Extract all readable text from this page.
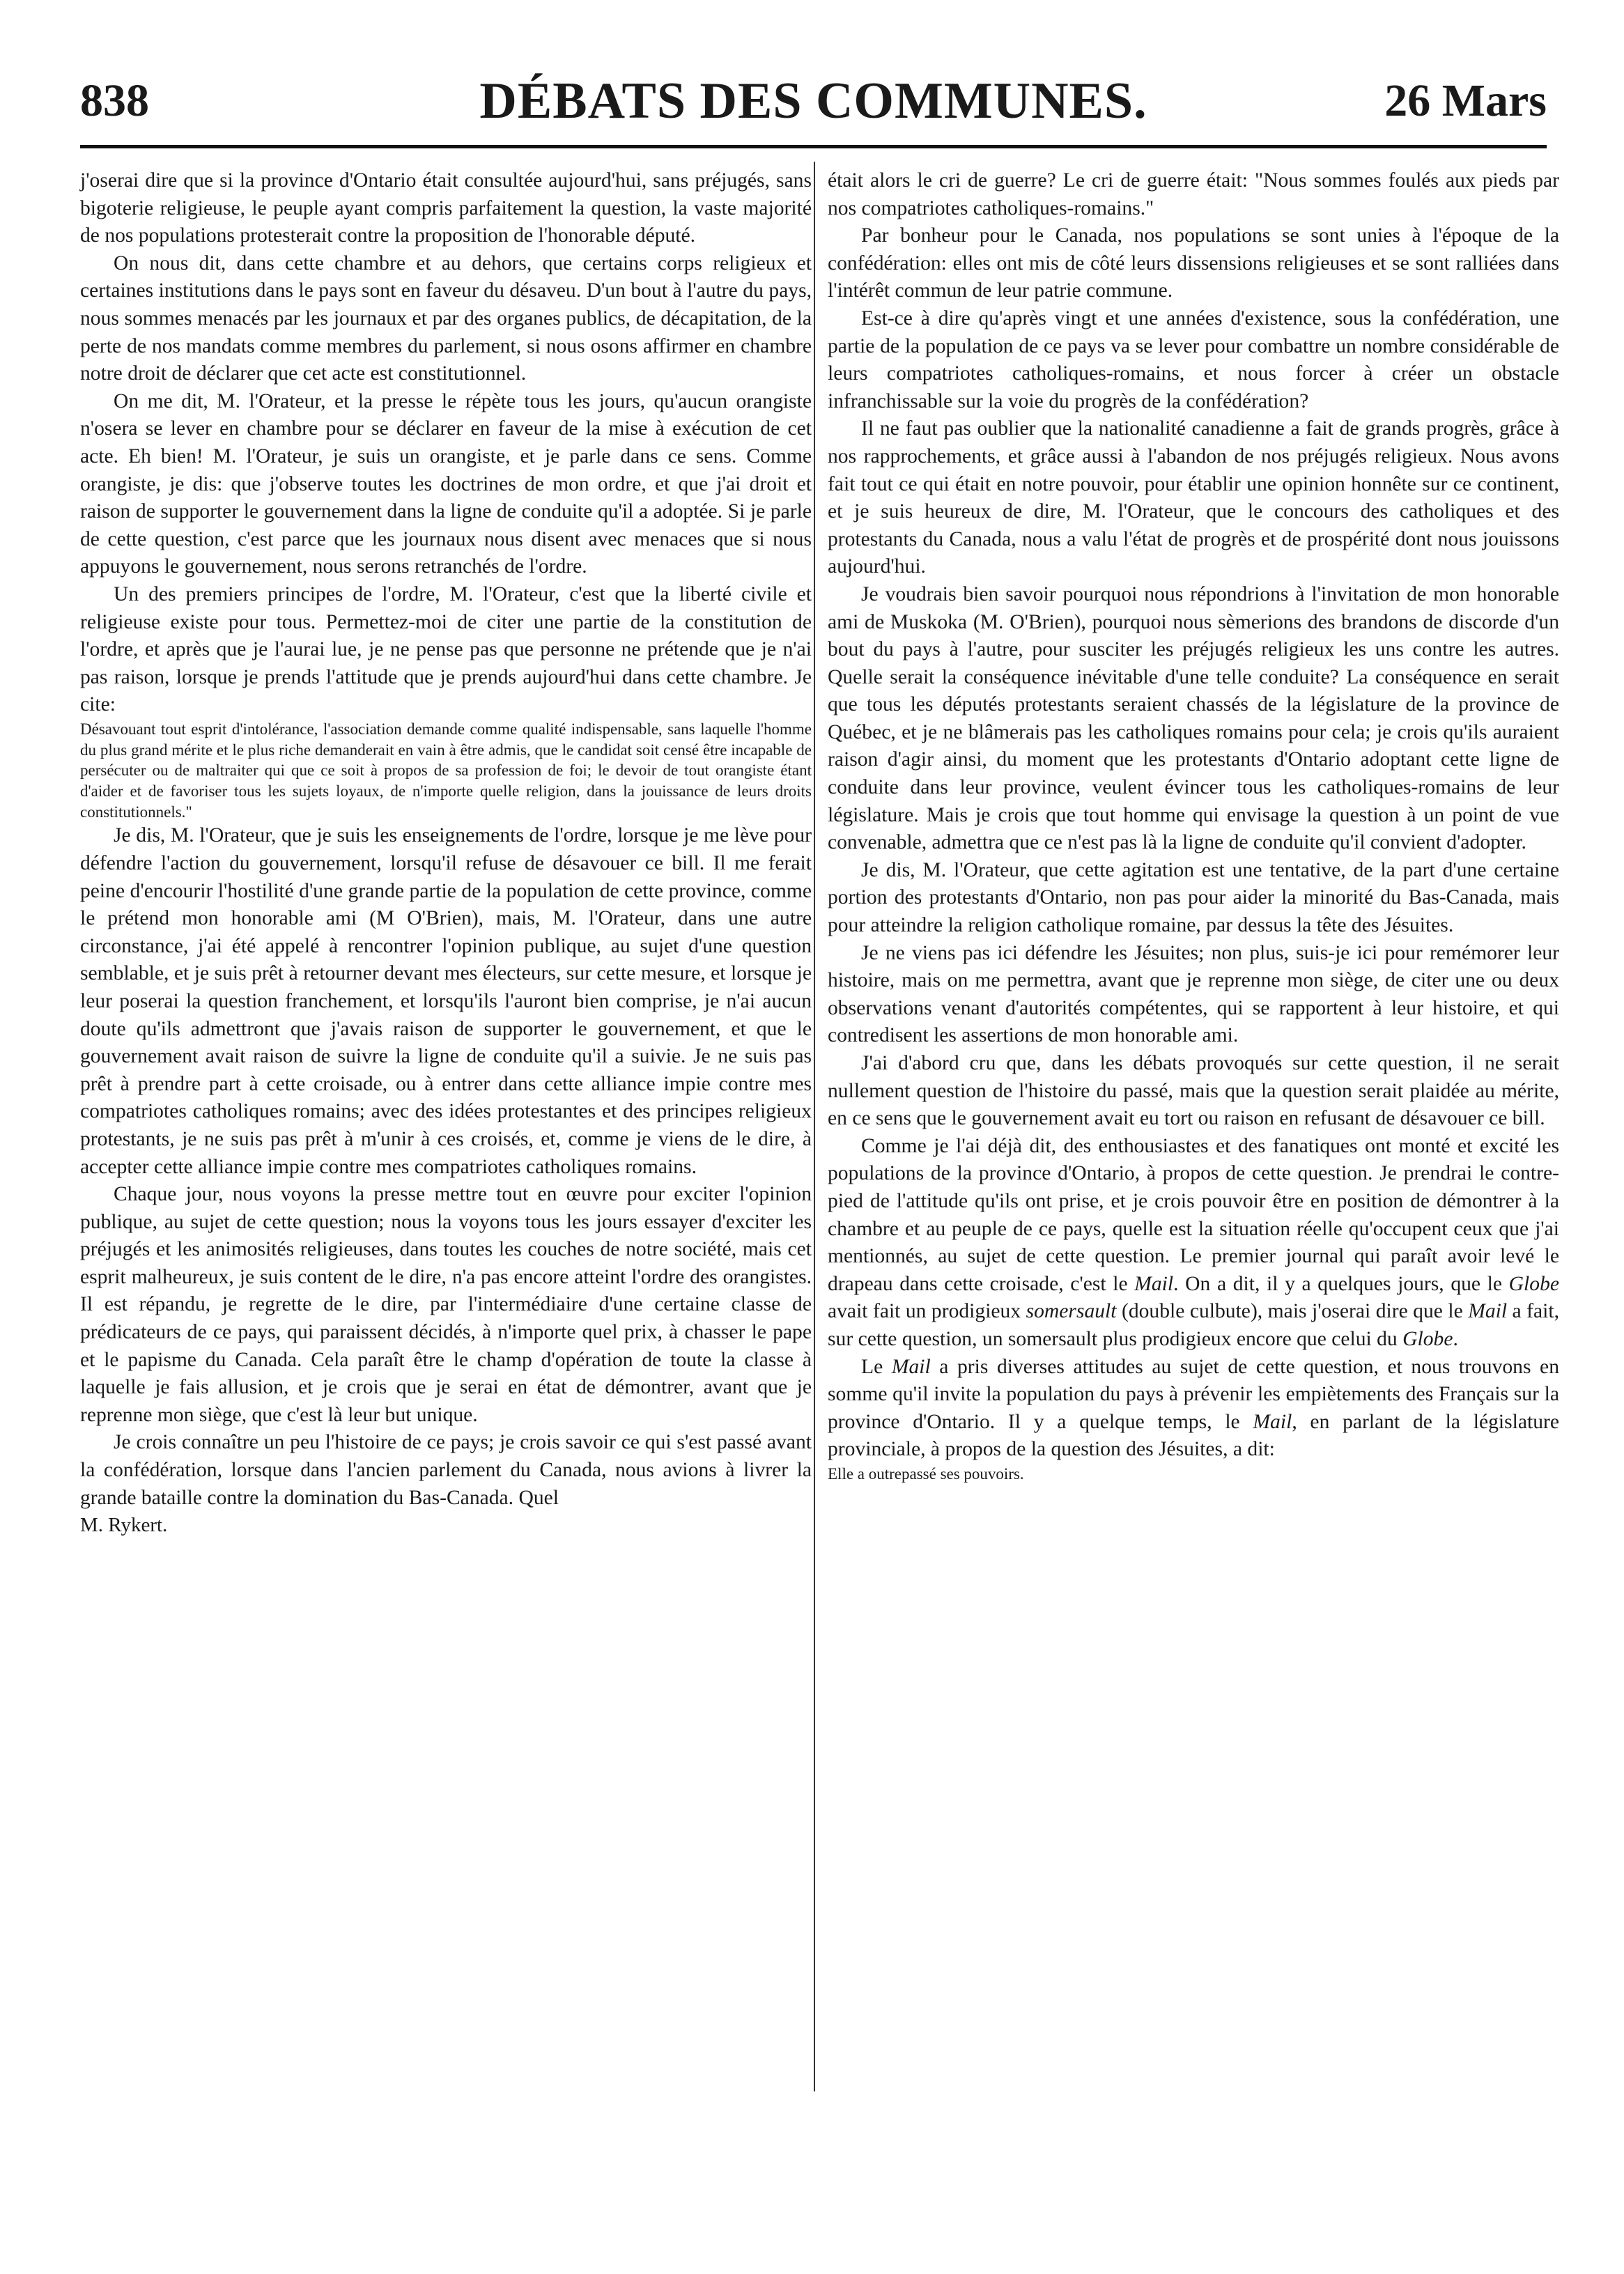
838	DÉBATS DES COMMUNES.	26 Mars

j'oserai dire que si la province d'Ontario était consultée aujourd'hui, sans préjugés, sans bigoterie religieuse, le peuple ayant compris parfaitement la question, la vaste majorité de nos populations protesterait contre la proposition de l'honorable député.

On nous dit, dans cette chambre et au dehors, que certains corps religieux et certaines institutions dans le pays sont en faveur du désaveu. D'un bout à l'autre du pays, nous sommes menacés par les journaux et par des organes publics, de décapitation, de la perte de nos mandats comme membres du parlement, si nous osons affirmer en chambre notre droit de déclarer que cet acte est constitutionnel.

On me dit, M. l'Orateur, et la presse le répète tous les jours, qu'aucun orangiste n'osera se lever en chambre pour se déclarer en faveur de la mise à exécution de cet acte. Eh bien! M. l'Orateur, je suis un orangiste, et je parle dans ce sens. Comme orangiste, je dis: que j'observe toutes les doctrines de mon ordre, et que j'ai droit et raison de supporter le gouvernement dans la ligne de conduite qu'il a adoptée. Si je parle de cette question, c'est parce que les journaux nous disent avec menaces que si nous appuyons le gouvernement, nous serons retranchés de l'ordre.

Un des premiers principes de l'ordre, M. l'Orateur, c'est que la liberté civile et religieuse existe pour tous. Permettez-moi de citer une partie de la constitution de l'ordre, et après que je l'aurai lue, je ne pense pas que personne ne prétende que je n'ai pas raison, lorsque je prends l'attitude que je prends aujourd'hui dans cette chambre. Je cite:

Désavouant tout esprit d'intolérance, l'association demande comme qualité indispensable, sans laquelle l'homme du plus grand mérite et le plus riche demanderait en vain à être admis, que le candidat soit censé être incapable de persécuter ou de maltraiter qui que ce soit à propos de sa profession de foi; le devoir de tout orangiste étant d'aider et de favoriser tous les sujets loyaux, de n'importe quelle religion, dans la jouissance de leurs droits constitutionnels."

Je dis, M. l'Orateur, que je suis les enseignements de l'ordre, lorsque je me lève pour défendre l'action du gouvernement, lorsqu'il refuse de désavouer ce bill. Il me ferait peine d'encourir l'hostilité d'une grande partie de la population de cette province, comme le prétend mon honorable ami (M O'Brien), mais, M. l'Orateur, dans une autre circonstance, j'ai été appelé à rencontrer l'opinion publique, au sujet d'une question semblable, et je suis prêt à retourner devant mes électeurs, sur cette mesure, et lorsque je leur poserai la question franchement, et lorsqu'ils l'auront bien comprise, je n'ai aucun doute qu'ils admettront que j'avais raison de supporter le gouvernement, et que le gouvernement avait raison de suivre la ligne de conduite qu'il a suivie. Je ne suis pas prêt à prendre part à cette croisade, ou à entrer dans cette alliance impie contre mes compatriotes catholiques romains; avec des idées protestantes et des principes religieux protestants, je ne suis pas prêt à m'unir à ces croisés, et, comme je viens de le dire, à accepter cette alliance impie contre mes compatriotes catholiques romains.

Chaque jour, nous voyons la presse mettre tout en œuvre pour exciter l'opinion publique, au sujet de cette question; nous la voyons tous les jours essayer d'exciter les préjugés et les animosités religieuses, dans toutes les couches de notre société, mais cet esprit malheureux, je suis content de le dire, n'a pas encore atteint l'ordre des orangistes. Il est répandu, je regrette de le dire, par l'intermédiaire d'une certaine classe de prédicateurs de ce pays, qui paraissent décidés, à n'importe quel prix, à chasser le pape et le papisme du Canada. Cela paraît être le champ d'opération de toute la classe à laquelle je fais allusion, et je crois que je serai en état de démontrer, avant que je reprenne mon siège, que c'est là leur but unique.

Je crois connaître un peu l'histoire de ce pays; je crois savoir ce qui s'est passé avant la confédération, lorsque dans l'ancien parlement du Canada, nous avions à livrer la grande bataille contre la domination du Bas-Canada. Quel

M. Rykert.

était alors le cri de guerre? Le cri de guerre était: "Nous sommes foulés aux pieds par nos compatriotes catholiques-romains."

Par bonheur pour le Canada, nos populations se sont unies à l'époque de la confédération: elles ont mis de côté leurs dissensions religieuses et se sont ralliées dans l'intérêt commun de leur patrie commune.

Est-ce à dire qu'après vingt et une années d'existence, sous la confédération, une partie de la population de ce pays va se lever pour combattre un nombre considérable de leurs compatriotes catholiques-romains, et nous forcer à créer un obstacle infranchissable sur la voie du progrès de la confédération?

Il ne faut pas oublier que la nationalité canadienne a fait de grands progrès, grâce à nos rapprochements, et grâce aussi à l'abandon de nos préjugés religieux. Nous avons fait tout ce qui était en notre pouvoir, pour établir une opinion honnête sur ce continent, et je suis heureux de dire, M. l'Orateur, que le concours des catholiques et des protestants du Canada, nous a valu l'état de progrès et de prospérité dont nous jouissons aujourd'hui.

Je voudrais bien savoir pourquoi nous répondrions à l'invitation de mon honorable ami de Muskoka (M. O'Brien), pourquoi nous sèmerions des brandons de discorde d'un bout du pays à l'autre, pour susciter les préjugés religieux les uns contre les autres. Quelle serait la conséquence inévitable d'une telle conduite? La conséquence en serait que tous les députés protestants seraient chassés de la législature de la province de Québec, et je ne blâmerais pas les catholiques romains pour cela; je crois qu'ils auraient raison d'agir ainsi, du moment que les protestants d'Ontario adoptant cette ligne de conduite dans leur province, veulent évincer tous les catholiques-romains de leur législature. Mais je crois que tout homme qui envisage la question à un point de vue convenable, admettra que ce n'est pas là la ligne de conduite qu'il convient d'adopter.

Je dis, M. l'Orateur, que cette agitation est une tentative, de la part d'une certaine portion des protestants d'Ontario, non pas pour aider la minorité du Bas-Canada, mais pour atteindre la religion catholique romaine, par dessus la tête des Jésuites.

Je ne viens pas ici défendre les Jésuites; non plus, suis-je ici pour remémorer leur histoire, mais on me permettra, avant que je reprenne mon siège, de citer une ou deux observations venant d'autorités compétentes, qui se rapportent à leur histoire, et qui contredisent les assertions de mon honorable ami.

J'ai d'abord cru que, dans les débats provoqués sur cette question, il ne serait nullement question de l'histoire du passé, mais que la question serait plaidée au mérite, en ce sens que le gouvernement avait eu tort ou raison en refusant de désavouer ce bill.

Comme je l'ai déjà dit, des enthousiastes et des fanatiques ont monté et excité les populations de la province d'Ontario, à propos de cette question. Je prendrai le contre-pied de l'attitude qu'ils ont prise, et je crois pouvoir être en position de démontrer à la chambre et au peuple de ce pays, quelle est la situation réelle qu'occupent ceux que j'ai mentionnés, au sujet de cette question. Le premier journal qui paraît avoir levé le drapeau dans cette croisade, c'est le Mail. On a dit, il y a quelques jours, que le Globe avait fait un prodigieux somersault (double culbute), mais j'oserai dire que le Mail a fait, sur cette question, un somersault plus prodigieux encore que celui du Globe.

Le Mail a pris diverses attitudes au sujet de cette question, et nous trouvons en somme qu'il invite la population du pays à prévenir les empiètements des Français sur la province d'Ontario. Il y a quelque temps, le Mail, en parlant de la législature provinciale, à propos de la question des Jésuites, a dit:

Elle a outrepassé ses pouvoirs.
